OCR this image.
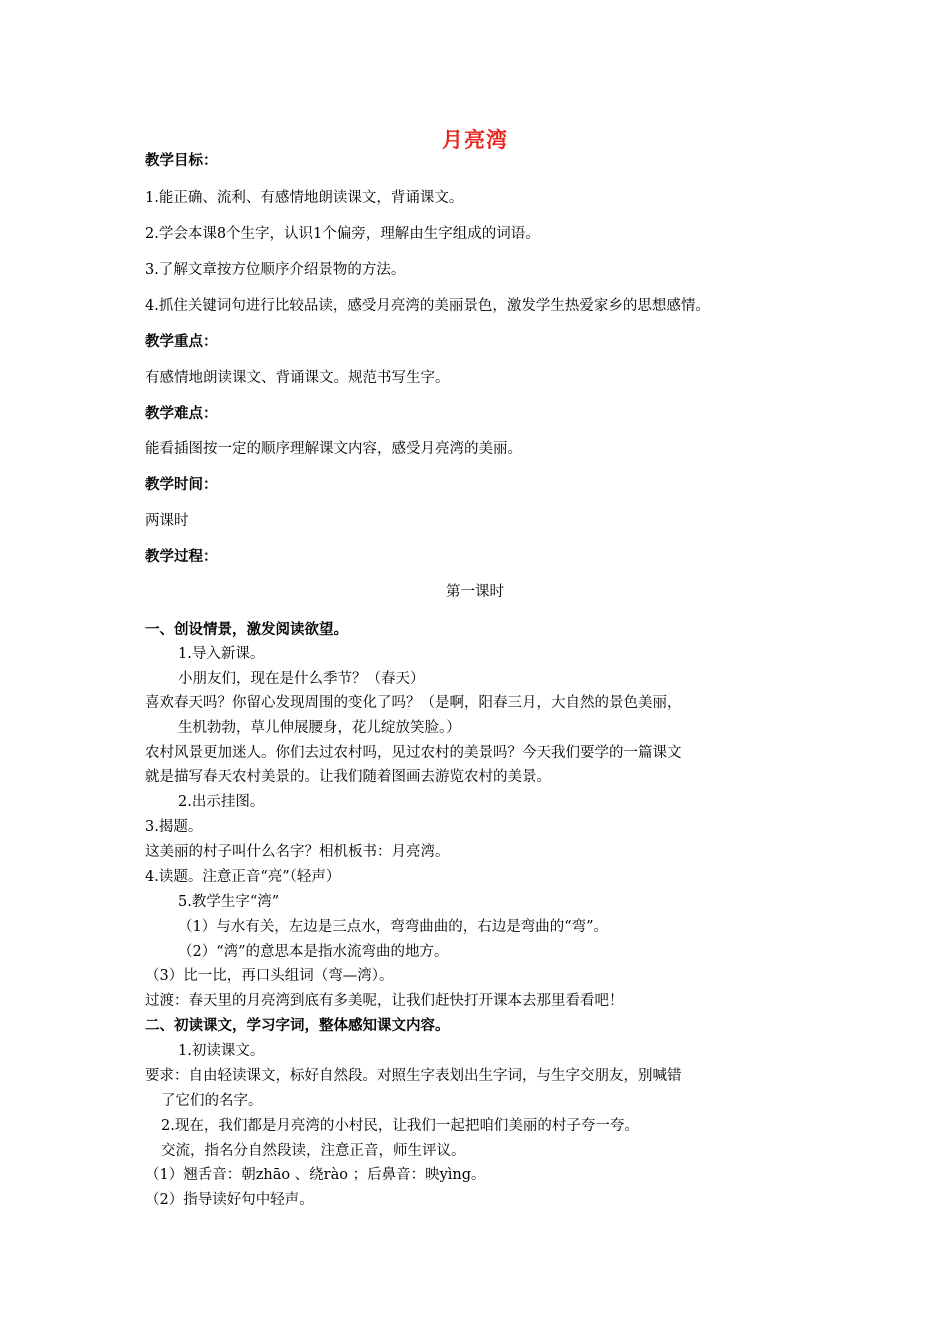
月亮湾
教学目标：
1.能正确、流利、有感情地朗读课文，背诵课文。
2.学会本课8个生字，认识1个偏旁，理解由生字组成的词语。
3.了解文章按方位顺序介绍景物的方法。
4.抓住关键词句进行比较品读，感受月亮湾的美丽景色，激发学生热爱家乡的思想感情。
教学重点：
有感情地朗读课文、背诵课文。规范书写生字。
教学难点：
能看插图按一定的顺序理解课文内容，感受月亮湾的美丽。
教学时间：
两课时
教学过程：
第一课时
一、创设情景，激发阅读欲望。
1.导入新课。
小朋友们，现在是什么季节？（春天）
喜欢春天吗？你留心发现周围的变化了吗？（是啊，阳春三月，大自然的景色美丽，
生机勃勃，草儿伸展腰身，花儿绽放笑脸。）
农村风景更加迷人。你们去过农村吗，见过农村的美景吗？今天我们要学的一篇课文
就是描写春天农村美景的。让我们随着图画去游览农村的美景。
2.出示挂图。
3.揭题。
这美丽的村子叫什么名字？相机板书：月亮湾。
4.读题。注意正音“亮”（轻声）
5.教学生字“湾”
（1）与水有关，左边是三点水，弯弯曲曲的，右边是弯曲的“弯”。
（2）“湾”的意思本是指水流弯曲的地方。
（3）比一比，再口头组词（弯—湾）。
过渡：春天里的月亮湾到底有多美呢，让我们赶快打开课本去那里看看吧！
二、初读课文，学习字词，整体感知课文内容。
1.初读课文。
要求：自由轻读课文，标好自然段。对照生字表划出生字词，与生字交朋友，别喊错
了它们的名字。
2.现在，我们都是月亮湾的小村民，让我们一起把咱们美丽的村子夸一夸。
交流，指名分自然段读，注意正音，师生评议。
（1）翘舌音：朝zhāo 、绕rào ；后鼻音：映yìng。
（2）指导读好句中轻声。
